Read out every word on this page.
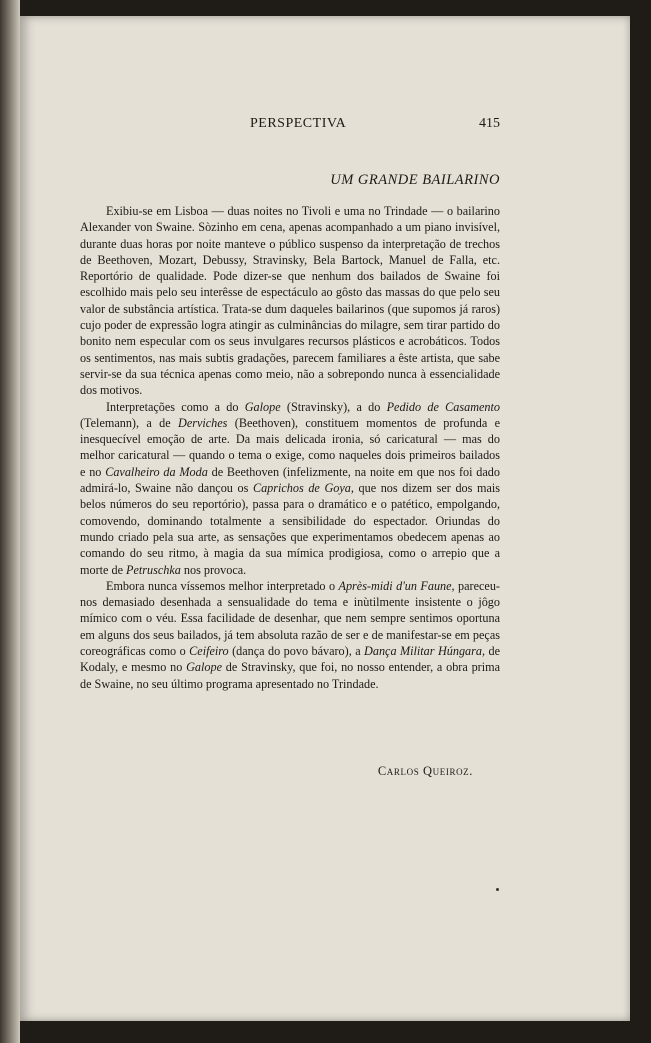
PERSPECTIVA	415
UM GRANDE BAILARINO

Exibiu-se em Lisboa — duas noites no Tivoli e uma no Trindade — o bailarino Alexander von Swaine. Sòzinho em cena, apenas acompanhado a um piano invisível, durante duas horas por noite manteve o público suspenso da interpretação de trechos de Beethoven, Mozart, Debussy, Stravinsky, Bela Bartock, Manuel de Falla, etc. Reportório de qualidade. Pode dizer-se que nenhum dos bailados de Swaine foi escolhido mais pelo seu interêsse de espectáculo ao gôsto das massas do que pelo seu valor de substância artística. Trata-se dum daqueles bailarinos (que supomos já raros) cujo poder de expressão logra atingir as culminâncias do milagre, sem tirar partido do bonito nem especular com os seus invulgares recursos plásticos e acrobáticos. Todos os sentimentos, nas mais subtis gradações, parecem familiares a êste artista, que sabe servir-se da sua técnica apenas como meio, não a sobrepondo nunca à essencialidade dos motivos.

Interpretações como a do Galope (Stravinsky), a do Pedido de Casamento (Telemann), a de Derviches (Beethoven), constituem momentos de profunda e inesquecível emoção de arte. Da mais delicada ironia, só caricatural — mas do melhor caricatural — quando o tema o exige, como naqueles dois primeiros bailados e no Cavalheiro da Moda de Beethoven (infelizmente, na noite em que nos foi dado admirá-lo, Swaine não dançou os Caprichos de Goya, que nos dizem ser dos mais belos números do seu reportório), passa para o dramático e o patético, empolgando, comovendo, dominando totalmente a sensibilidade do espectador. Oriundas do mundo criado pela sua arte, as sensações que experimentamos obedecem apenas ao comando do seu ritmo, à magia da sua mímica prodigiosa, como o arrepio que a morte de Petruschka nos provoca.

Embora nunca víssemos melhor interpretado o Après-midi d'un Faune, pareceu-nos demasiado desenhada a sensualidade do tema e inùtilmente insistente o jôgo mímico com o véu. Essa facilidade de desenhar, que nem sempre sentimos oportuna em alguns dos seus bailados, já tem absoluta razão de ser e de manifestar-se em peças coreográficas como o Ceifeiro (dança do povo bávaro), a Dança Militar Húngara, de Kodaly, e mesmo no Galope de Stravinsky, que foi, no nosso entender, a obra prima de Swaine, no seu último programa apresentado no Trindade.

Carlos Queiroz.
